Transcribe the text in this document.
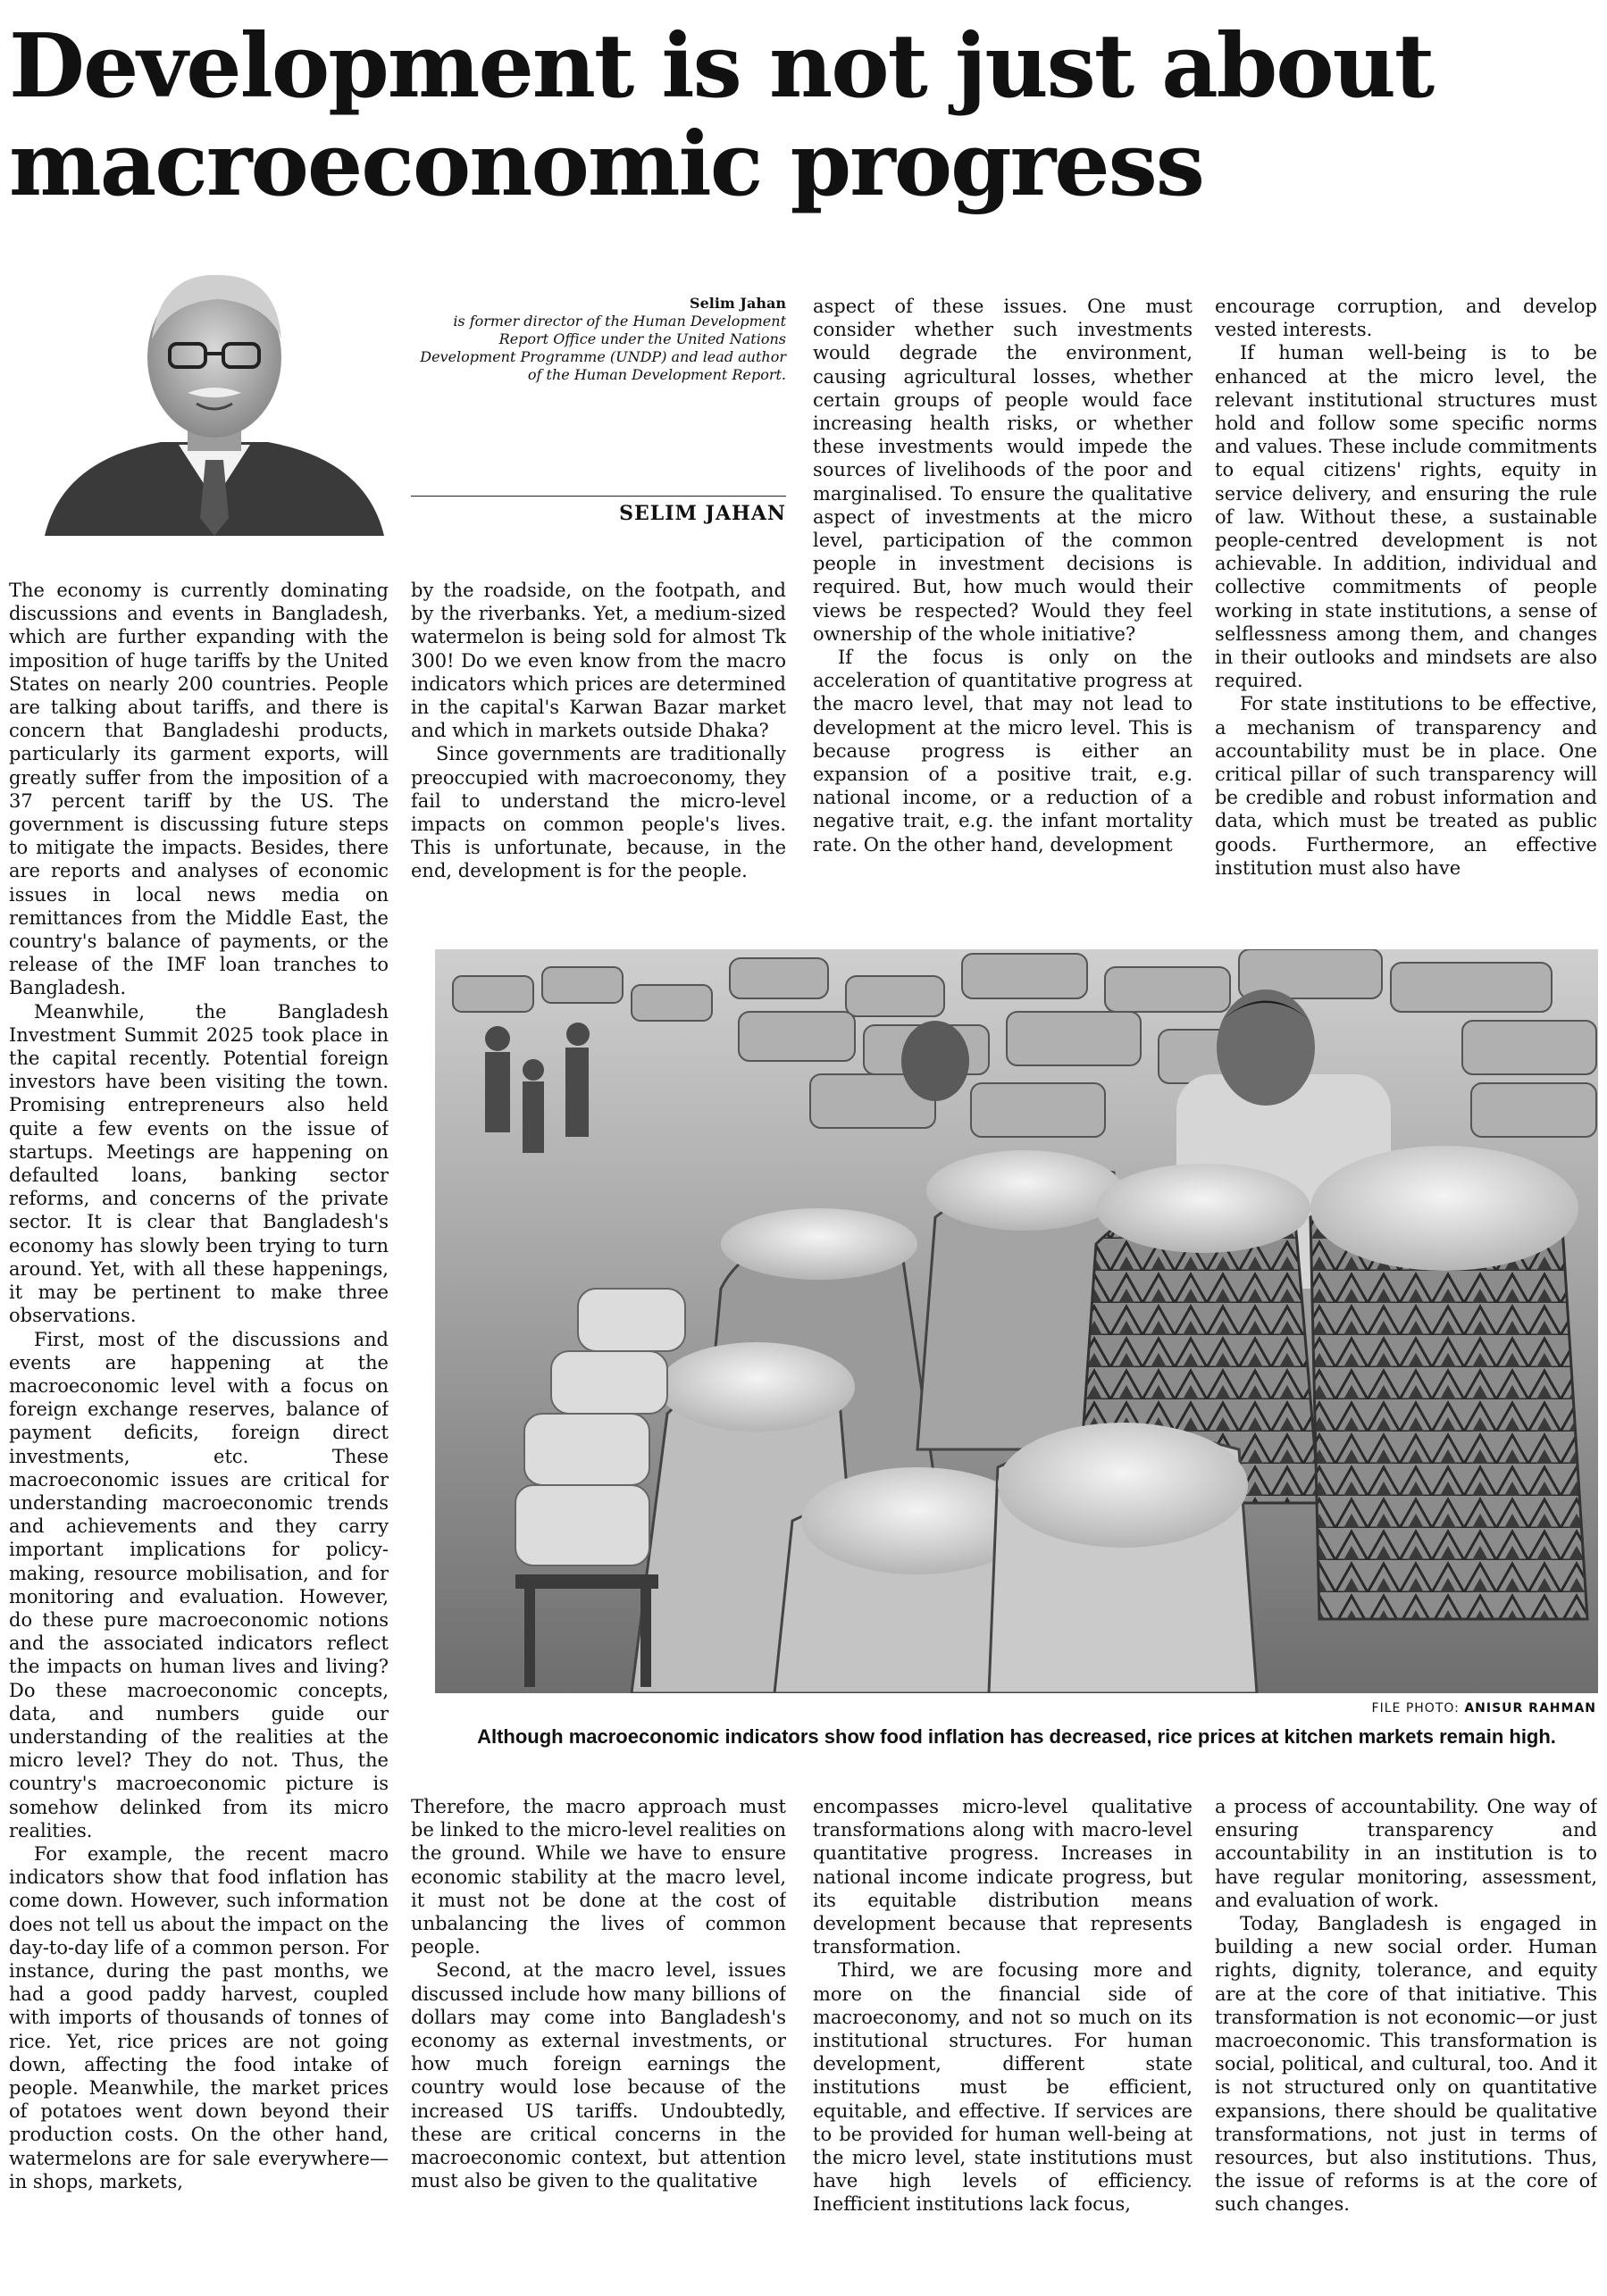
Development is not just about macroeconomic progress
Selim Jahan
is former director of the Human Development Report Office under the United Nations Development Programme (UNDP) and lead author of the Human Development Report.
SELIM JAHAN

The economy is currently dominating discussions and events in Bangladesh, which are further expanding with the imposition of huge tariffs by the United States on nearly 200 countries. People are talking about tariffs, and there is concern that Bangladeshi products, particularly its garment exports, will greatly suffer from the imposition of a 37 percent tariff by the US. The government is discussing future steps to mitigate the impacts. Besides, there are reports and analyses of economic issues in local news media on remittances from the Middle East, the country's balance of payments, or the release of the IMF loan tranches to Bangladesh.

Meanwhile, the Bangladesh Investment Summit 2025 took place in the capital recently. Potential foreign investors have been visiting the town. Promising entrepreneurs also held quite a few events on the issue of startups. Meetings are happening on defaulted loans, banking sector reforms, and concerns of the private sector. It is clear that Bangladesh's economy has slowly been trying to turn around. Yet, with all these happenings, it may be pertinent to make three observations.

First, most of the discussions and events are happening at the macroeconomic level with a focus on foreign exchange reserves, balance of payment deficits, foreign direct investments, etc. These macroeconomic issues are critical for understanding macroeconomic trends and achievements and they carry important implications for policy-making, resource mobilisation, and for monitoring and evaluation. However, do these pure macroeconomic notions and the associated indicators reflect the impacts on human lives and living? Do these macroeconomic concepts, data, and numbers guide our understanding of the realities at the micro level? They do not. Thus, the country's macroeconomic picture is somehow delinked from its micro realities.

For example, the recent macro indicators show that food inflation has come down. However, such information does not tell us about the impact on the day-to-day life of a common person. For instance, during the past months, we had a good paddy harvest, coupled with imports of thousands of tonnes of rice. Yet, rice prices are not going down, affecting the food intake of people. Meanwhile, the market prices of potatoes went down beyond their production costs. On the other hand, watermelons are for sale everywhere—in shops, markets,

by the roadside, on the footpath, and by the riverbanks. Yet, a medium-sized watermelon is being sold for almost Tk 300! Do we even know from the macro indicators which prices are determined in the capital's Karwan Bazar market and which in markets outside Dhaka?

Since governments are traditionally preoccupied with macroeconomy, they fail to understand the micro-level impacts on common people's lives. This is unfortunate, because, in the end, development is for the people.

aspect of these issues. One must consider whether such investments would degrade the environment, causing agricultural losses, whether certain groups of people would face increasing health risks, or whether these investments would impede the sources of livelihoods of the poor and marginalised. To ensure the qualitative aspect of investments at the micro level, participation of the common people in investment decisions is required. But, how much would their views be respected? Would they feel ownership of the whole initiative?

If the focus is only on the acceleration of quantitative progress at the macro level, that may not lead to development at the micro level. This is because progress is either an expansion of a positive trait, e.g. national income, or a reduction of a negative trait, e.g. the infant mortality rate. On the other hand, development

encourage corruption, and develop vested interests.

If human well-being is to be enhanced at the micro level, the relevant institutional structures must hold and follow some specific norms and values. These include commitments to equal citizens' rights, equity in service delivery, and ensuring the rule of law. Without these, a sustainable people-centred development is not achievable. In addition, individual and collective commitments of people working in state institutions, a sense of selflessness among them, and changes in their outlooks and mindsets are also required.

For state institutions to be effective, a mechanism of transparency and accountability must be in place. One critical pillar of such transparency will be credible and robust information and data, which must be treated as public goods. Furthermore, an effective institution must also have

FILE PHOTO: ANISUR RAHMAN
Although macroeconomic indicators show food inflation has decreased, rice prices at kitchen markets remain high.

Therefore, the macro approach must be linked to the micro-level realities on the ground. While we have to ensure economic stability at the macro level, it must not be done at the cost of unbalancing the lives of common people.

Second, at the macro level, issues discussed include how many billions of dollars may come into Bangladesh's economy as external investments, or how much foreign earnings the country would lose because of the increased US tariffs. Undoubtedly, these are critical concerns in the macroeconomic context, but attention must also be given to the qualitative

encompasses micro-level qualitative transformations along with macro-level quantitative progress. Increases in national income indicate progress, but its equitable distribution means development because that represents transformation.

Third, we are focusing more and more on the financial side of macroeconomy, and not so much on its institutional structures. For human development, different state institutions must be efficient, equitable, and effective. If services are to be provided for human well-being at the micro level, state institutions must have high levels of efficiency. Inefficient institutions lack focus,

a process of accountability. One way of ensuring transparency and accountability in an institution is to have regular monitoring, assessment, and evaluation of work.

Today, Bangladesh is engaged in building a new social order. Human rights, dignity, tolerance, and equity are at the core of that initiative. This transformation is not economic—or just macroeconomic. This transformation is social, political, and cultural, too. And it is not structured only on quantitative expansions, there should be qualitative transformations, not just in terms of resources, but also institutions. Thus, the issue of reforms is at the core of such changes.
